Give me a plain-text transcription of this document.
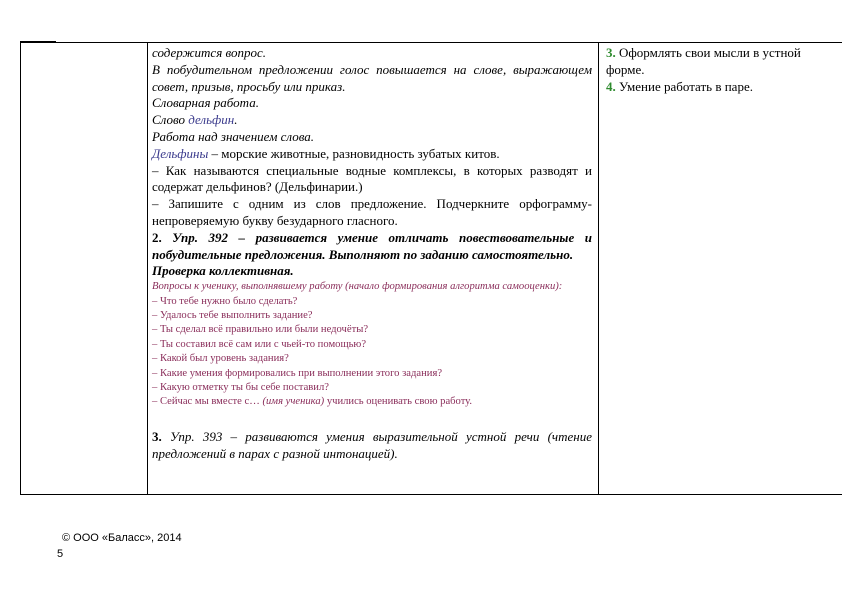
содержится вопрос.

В побудительном предложении голос повышается на слове, выражающем совет, призыв, просьбу или приказ.

Словарная работа.

Слово дельфин.

Работа над значением слова.

Дельфины – морские животные, разновидность зубатых китов.

– Как называются специальные водные комплексы, в которых разводят и содержат дельфинов? (Дельфинарии.)

– Запишите с одним из слов предложение. Подчеркните орфограмму-непроверяемую букву безударного гласного.

2. Упр. 392 – развивается умение отличать повествовательные и побудительные предложения. Выполняют по заданию самостоятельно.

Проверка коллективная.

Вопросы к ученику, выполнявшему работу (начало формирования алгоритма самооценки):

– Что тебе нужно было сделать?

– Удалось тебе выполнить задание?

– Ты сделал всё правильно или были недочёты?

– Ты составил всё сам или с чьей-то помощью?

– Какой был уровень задания?

– Какие умения формировались при выполнении этого задания?

– Какую отметку ты бы себе поставил?

– Сейчас мы вместе с… (имя ученика) учились оценивать свою работу.

3. Упр. 393 – развиваются умения выразительной устной речи (чтение предложений в парах с разной интонацией).

3. Оформлять свои мысли в устной форме.

4. Умение работать в паре.

© ООО «Баласс», 2014
5
